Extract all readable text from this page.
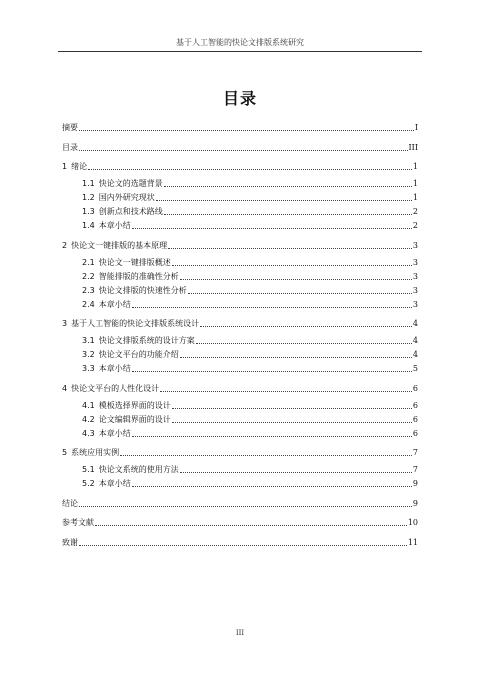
基于人工智能的快论文排版系统研究
目录
摘要	I
目录	III
1 绪论	1
1.1 快论文的选题背景	1
1.2 国内外研究现状	1
1.3 创新点和技术路线	2
1.4 本章小结	2
2 快论文一键排版的基本原理	3
2.1 快论文一键排版概述	3
2.2 智能排版的准确性分析	3
2.3 快论文排版的快速性分析	3
2.4 本章小结	3
3 基于人工智能的快论文排版系统设计	4
3.1 快论文排版系统的设计方案	4
3.2 快论文平台的功能介绍	4
3.3 本章小结	5
4 快论文平台的人性化设计	6
4.1 模板选择界面的设计	6
4.2 论文编辑界面的设计	6
4.3 本章小结	6
5 系统应用实例	7
5.1 快论文系统的使用方法	7
5.2 本章小结	9
结论	9
参考文献	10
致谢	11
III
